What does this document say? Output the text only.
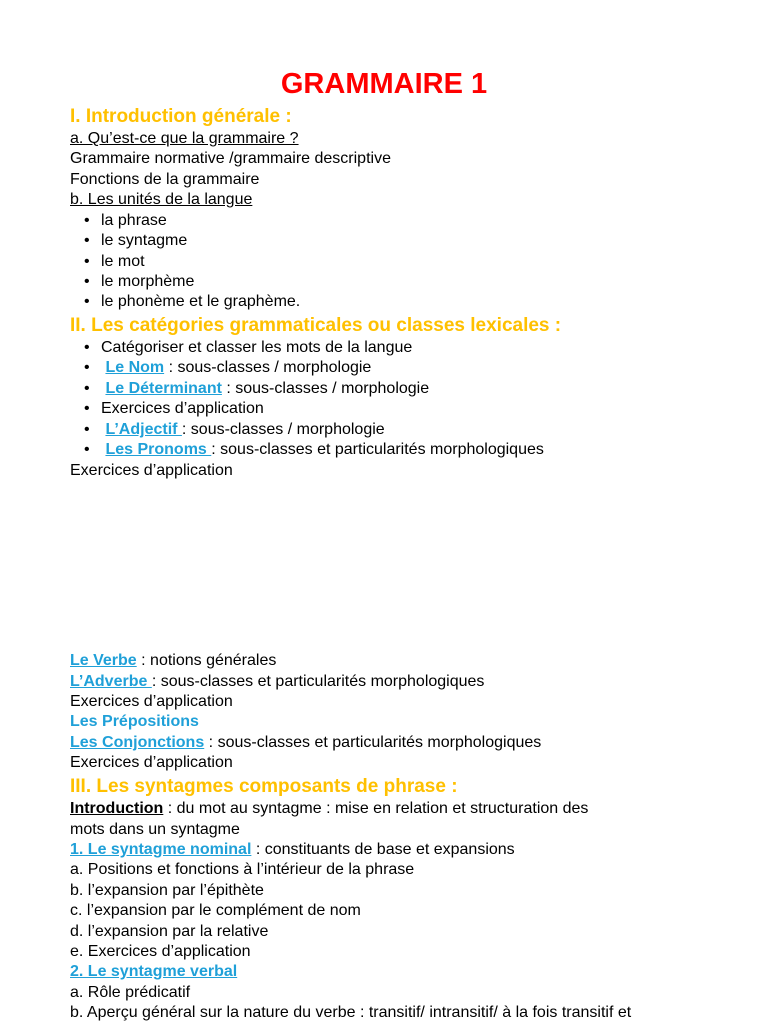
GRAMMAIRE 1
I. Introduction générale :
a. Qu’est-ce que la grammaire ?
Grammaire normative /grammaire descriptive
Fonctions de la grammaire
b. Les unités de la langue
• la phrase
• le syntagme
• le mot
• le morphème
• le phonème et le graphème.
II. Les catégories grammaticales ou classes lexicales :
• Catégoriser et classer les mots de la langue
• Le Nom : sous-classes / morphologie
• Le Déterminant : sous-classes / morphologie
• Exercices d’application
• L’Adjectif : sous-classes / morphologie
• Les Pronoms : sous-classes et particularités morphologiques
Exercices d’application
Le Verbe : notions générales
L’Adverbe : sous-classes et particularités morphologiques
Exercices d’application
Les Prépositions
Les Conjonctions : sous-classes et particularités morphologiques
Exercices d’application
III. Les syntagmes composants de phrase :
Introduction : du mot au syntagme : mise en relation et structuration des
mots dans un syntagme
1. Le syntagme nominal : constituants de base et expansions
a. Positions et fonctions à l’intérieur de la phrase
b. l’expansion par l’épithète
c. l’expansion par le complément de nom
d. l’expansion par la relative
e. Exercices d’application
2. Le syntagme verbal
a. Rôle prédicatif
b. Aperçu général sur la nature du verbe : transitif/ intransitif/ à la fois transitif et
